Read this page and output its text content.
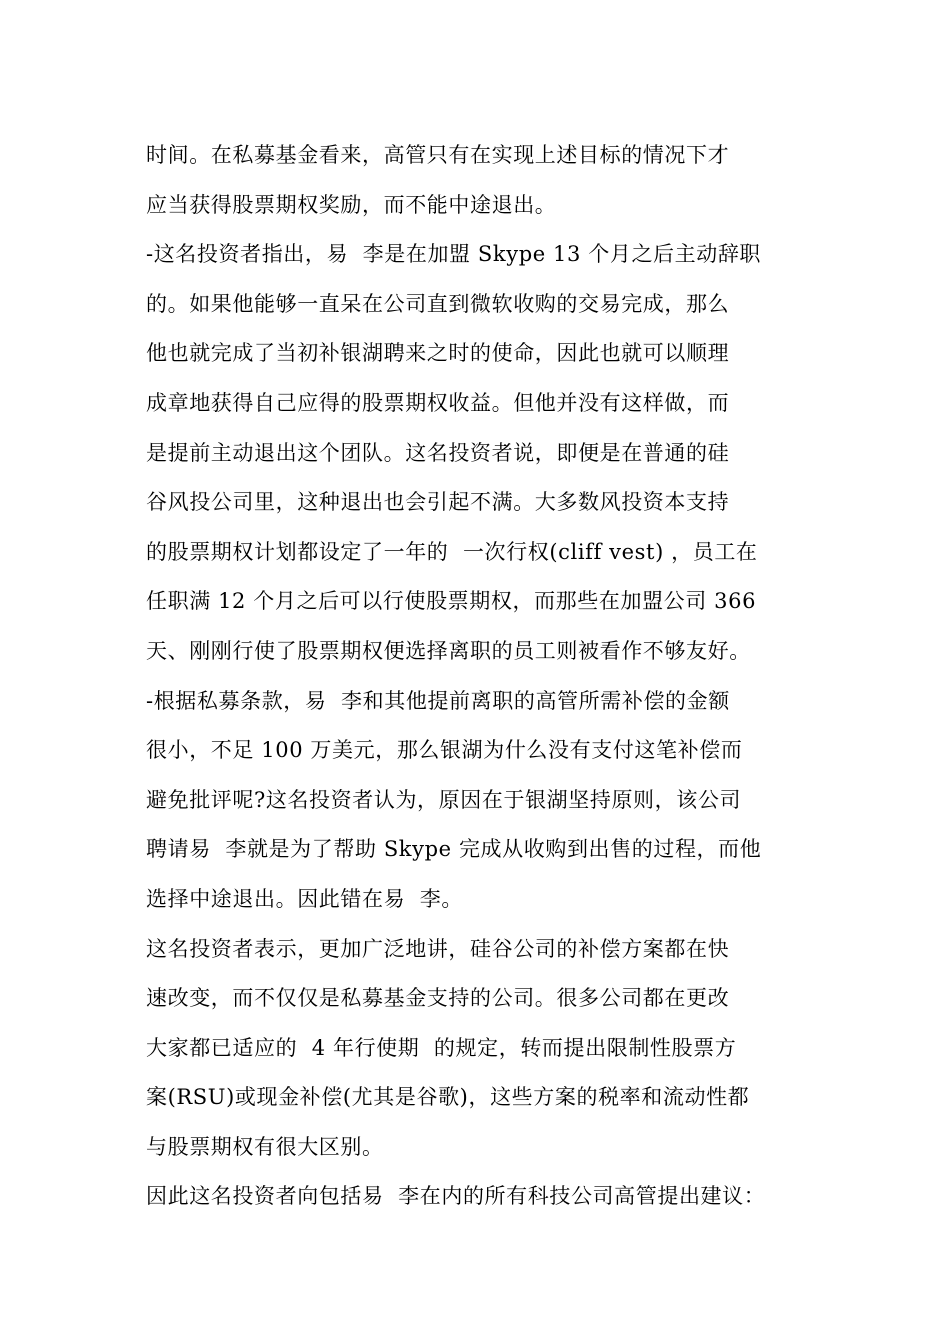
时间。在私募基金看来，高管只有在实现上述目标的情况下才
应当获得股票期权奖励，而不能中途退出。
-这名投资者指出，易  李是在加盟 Skype 13 个月之后主动辞职
的。如果他能够一直呆在公司直到微软收购的交易完成，那么
他也就完成了当初补银湖聘来之时的使命，因此也就可以顺理
成章地获得自己应得的股票期权收益。但他并没有这样做，而
是提前主动退出这个团队。这名投资者说，即便是在普通的硅
谷风投公司里，这种退出也会引起不满。大多数风投资本支持
的股票期权计划都设定了一年的  一次行权(cliff vest) ，员工在
任职满 12 个月之后可以行使股票期权，而那些在加盟公司 366
天、刚刚行使了股票期权便选择离职的员工则被看作不够友好。
-根据私募条款，易  李和其他提前离职的高管所需补偿的金额
很小，不足 100 万美元，那么银湖为什么没有支付这笔补偿而
避免批评呢?这名投资者认为，原因在于银湖坚持原则，该公司
聘请易  李就是为了帮助 Skype 完成从收购到出售的过程，而他
选择中途退出。因此错在易  李。
这名投资者表示，更加广泛地讲，硅谷公司的补偿方案都在快
速改变，而不仅仅是私募基金支持的公司。很多公司都在更改
大家都已适应的  4 年行使期  的规定，转而提出限制性股票方
案(RSU)或现金补偿(尤其是谷歌)，这些方案的税率和流动性都
与股票期权有很大区别。
因此这名投资者向包括易  李在内的所有科技公司高管提出建议：
